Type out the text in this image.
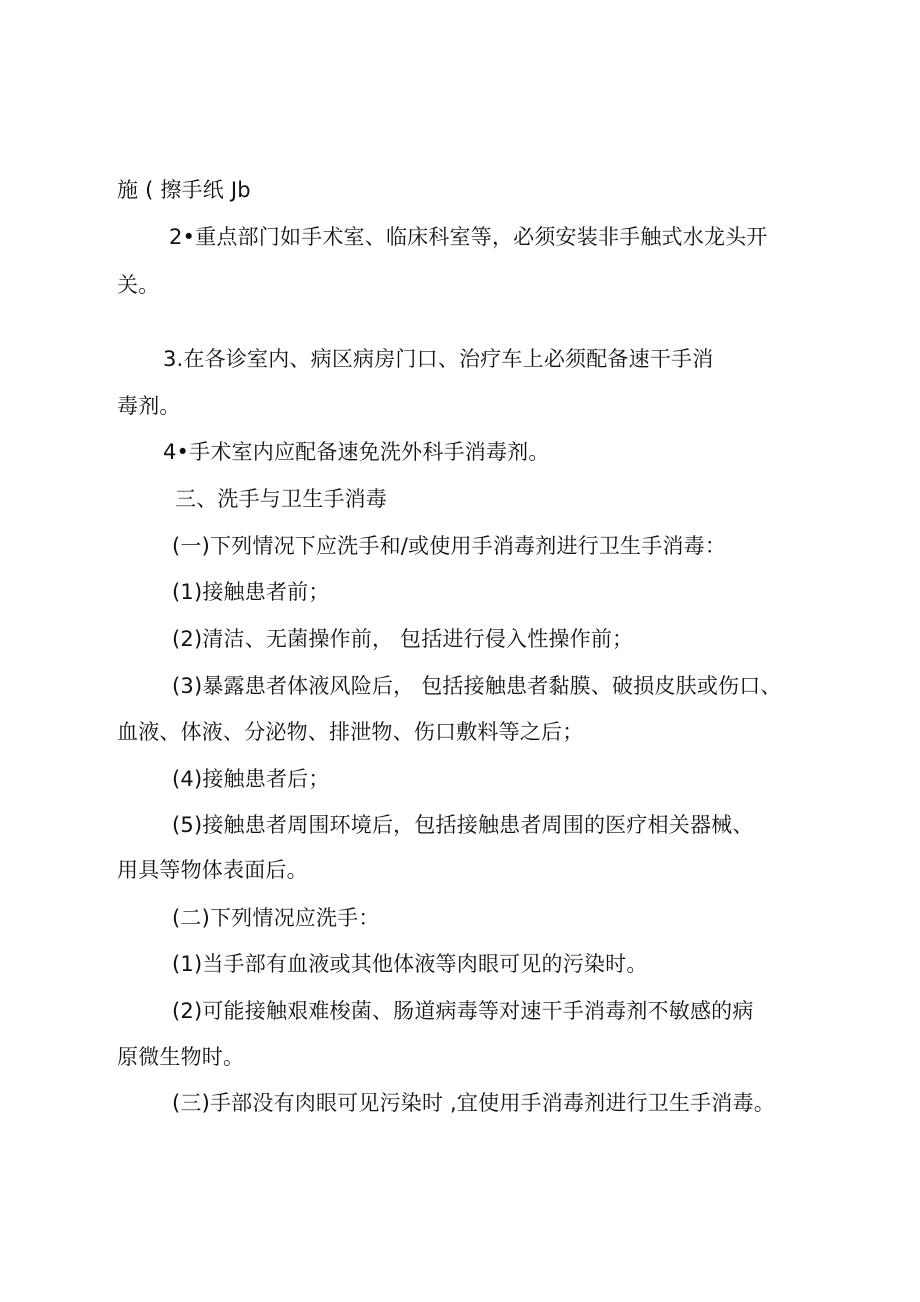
施 ( 擦手纸 Jb

2•重点部门如手术室、临床科室等，必须安装非手触式水龙头开

关。

3.在各诊室内、病区病房门口、治疗车上必须配备速干手消

毒剂。

4•手术室内应配备速免洗外科手消毒剂。

三、洗手与卫生手消毒

(一)下列情况下应洗手和/或使用手消毒剂进行卫生手消毒：

(1)接触患者前；

(2)清洁、无菌操作前， 包括进行侵入性操作前；

(3)暴露患者体液风险后， 包括接触患者黏膜、破损皮肤或伤口、

血液、体液、分泌物、排泄物、伤口敷料等之后；

(4)接触患者后；

(5)接触患者周围环境后，包括接触患者周围的医疗相关器械、

用具等物体表面后。

(二)下列情况应洗手：

(1)当手部有血液或其他体液等肉眼可见的污染时。

(2)可能接触艰难梭菌、肠道病毒等对速干手消毒剂不敏感的病

原微生物时。

(三)手部没有肉眼可见污染时 ,宜使用手消毒剂进行卫生手消毒。
